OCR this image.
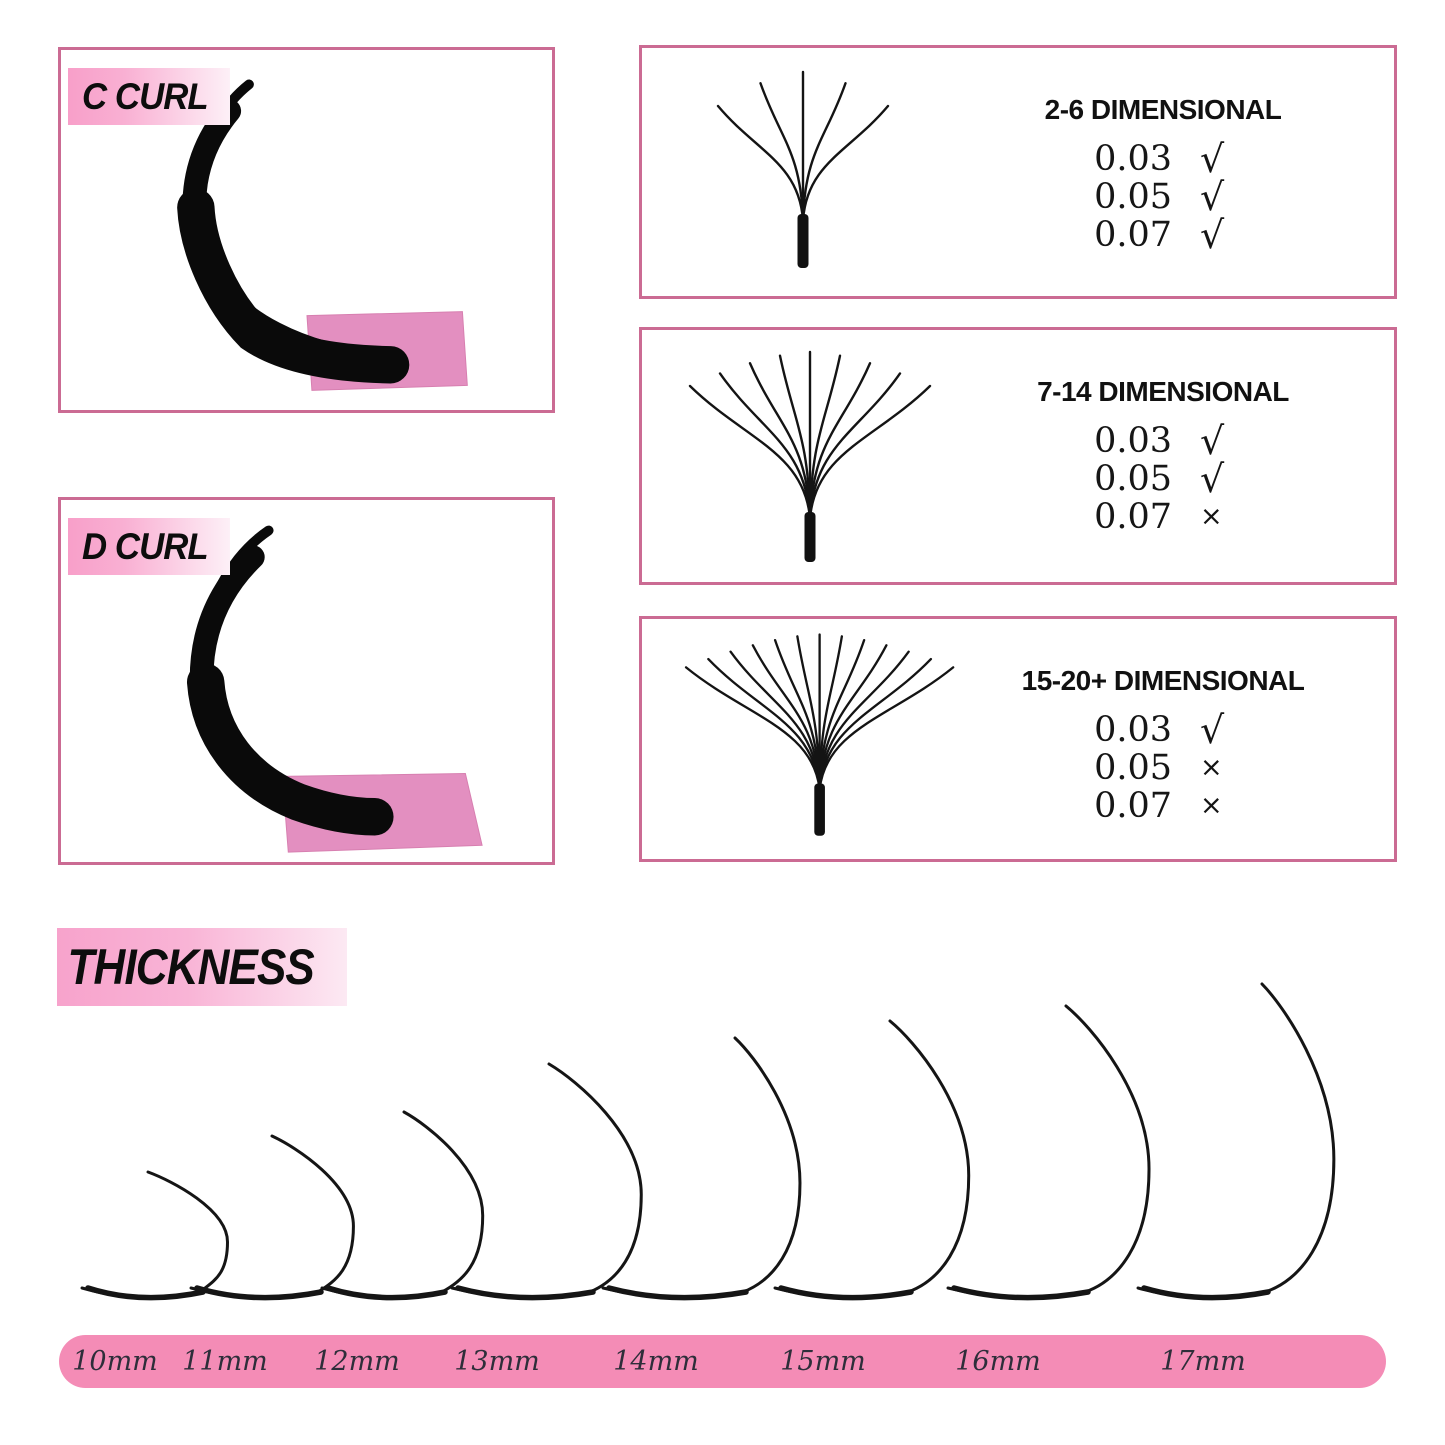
C CURL
D CURL
2-6 DIMENSIONAL
0.03 √
0.05 √
0.07 √
7-14 DIMENSIONAL
0.03 √
0.05 √
0.07 ×
15-20+ DIMENSIONAL
0.03 √
0.05 ×
0.07 ×
THICKNESS
10mm 11mm 12mm 13mm	14mm	15mm	16mm	17mm
